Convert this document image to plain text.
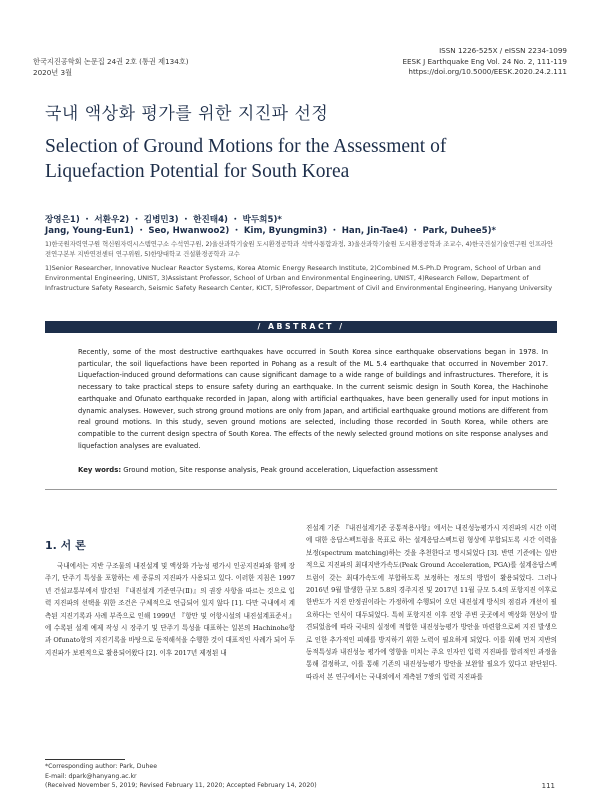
한국지진공학회 논문집 24권 2호 (통권 제134호)
2020년 3월
ISSN 1226-525X / eISSN 2234-1099
EESK J Earthquake Eng Vol. 24 No. 2, 111-119
https://doi.org/10.5000/EESK.2020.24.2.111
국내 액상화 평가를 위한 지진파 선정
Selection of Ground Motions for the Assessment of Liquefaction Potential for South Korea
장영은1) ・ 서환우2) ・ 김병민3) ・ 한진태4) ・ 박두희5)*
Jang, Young-Eun1) ・ Seo, Hwanwoo2) ・ Kim, Byungmin3) ・ Han, Jin-Tae4) ・ Park, Duhee5)*
1)한국원자력연구원 혁신원자력시스템연구소 수석연구원, 2)울산과학기술원 도시환경공학과 석박사통합과정, 3)울산과학기술원 도시환경공학과 조교수, 4)한국건설기술연구원 인프라안전연구본부 지반연전센터 연구위원, 5)한양대학교 건설환경공학과 교수
1)Senior Researcher, Innovative Nuclear Reactor Systems, Korea Atomic Energy Research Institute, 2)Combined M.S-Ph.D Program, School of Urban and Environmental Engineering, UNIST, 3)Assistant Professor, School of Urban and Environmental Engineering, UNIST, 4)Research Fellow, Department of Infrastructure Safety Research, Seismic Safety Research Center, KICT, 5)Professor, Department of Civil and Environmental Engineering, Hanyang University
/ ABSTRACT /
Recently, some of the most destructive earthquakes have occurred in South Korea since earthquake observations began in 1978. In particular, the soil liquefactions have been reported in Pohang as a result of the ML 5.4 earthquake that occurred in November 2017. Liquefaction-induced ground deformations can cause significant damage to a wide range of buildings and infrastructures. Therefore, it is necessary to take practical steps to ensure safety during an earthquake. In the current seismic design in South Korea, the Hachinohe earthquake and Ofunato earthquake recorded in Japan, along with artificial earthquakes, have been generally used for input motions in dynamic analyses. However, such strong ground motions are only from Japan, and artificial earthquake ground motions are different from real ground motions. In this study, seven ground motions are selected, including those recorded in South Korea, while others are compatible to the current design spectra of South Korea. The effects of the newly selected ground motions on site response analyses and liquefaction analyses are evaluated.
Key words: Ground motion, Site response analysis, Peak ground acceleration, Liquefaction assessment
1. 서 론
국내에서는 지반 구조물의 내진설계 및 액상화 가능성 평가시 인공지진파와 함께 장주기, 단주기 특성을 포함하는 세 종류의 지진파가 사용되고 있다. 이러한 지침은 1997년 건설교통부에서 발간된 『내진설계 기준연구(Ⅱ)』의 권장 사항을 따르는 것으로 입력 지진파의 선택을 위한 조건은 구체적으로 언급되어 있지 않다 [1]. 다만 국내에서 계측된 지진기록과 사례 부족으로 인해 1999년 『항만 및 어항시설의 내진설계표준서』에 수록된 설계 예제 작성 시 장주기 및 단주기 특성을 대표하는 일본의 Hachinohe항과 Ofunato항의 지진기록을 바탕으로 동적해석을 수행한 것이 대표적인 사례가 되어 두 지진파가 보편적으로 활용되어왔다 [2]. 이후 2017년 제정된 내
진설계 기준 『내진설계기준 공통적용사항』에서는 내진성능평가시 지진파의 시간 이력에 대한 응답스펙트럼을 목표로 하는 설계응답스펙트럼 형상에 부합되도록 시간 이력을 보정(spectrum matching)하는 것을 추천한다고 명시되었다 [3]. 반면 기준에는 일반적으로 지진파의 최대지반가속도(Peak Ground Acceleration, PGA)를 설계응답스펙트럼이 갖는 최대가속도에 부합하도록 보정하는 정도의 방법이 활용되었다. 그러나 2016년 9월 발생한 규모 5.8의 경주지진 및 2017년 11월 규모 5.4의 포항지진 이후로 한반도가 지진 안정권이라는 가정하에 수행되어 오던 내진설계 방식의 점검과 개선이 필요하다는 인식이 대두되었다. 특히 포항지진 이후 진앙 주변 곳곳에서 액상화 현상이 발견되었음에 따라 국내의 실정에 적합한 내진성능평가 방안을 마련함으로써 지진 발생으로 인한 추가적인 피해를 방지하기 위한 노력이 필요하게 되었다. 이를 위해 먼저 지반의 동적특성과 내진성능 평가에 영향을 미치는 주요 인자인 입력 지진파를 합리적인 과정을 통해 결정하고, 이를 통해 기존의 내진성능평가 방안을 보완할 필요가 있다고 판단된다. 따라서 본 연구에서는 국내외에서 계측된 7쌍의 입력 지진파를
*Corresponding author: Park, Duhee
E-mail: dpark@hanyang.ac.kr
(Received November 5, 2019; Revised February 11, 2020; Accepted February 14, 2020)	111
